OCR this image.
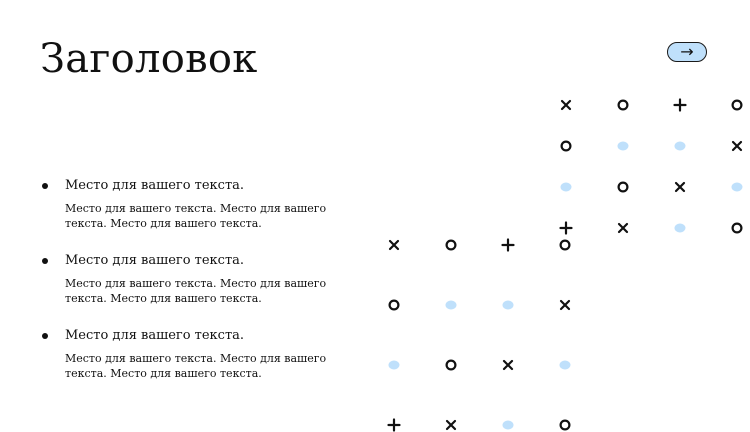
Заголовок	→

Место для вашего текста.

Место для вашего текста. Место для вашего текста. Место для вашего текста.

Место для вашего текста.

Место для вашего текста. Место для вашего текста. Место для вашего текста.

Место для вашего текста.

Место для вашего текста. Место для вашего текста. Место для вашего текста.
